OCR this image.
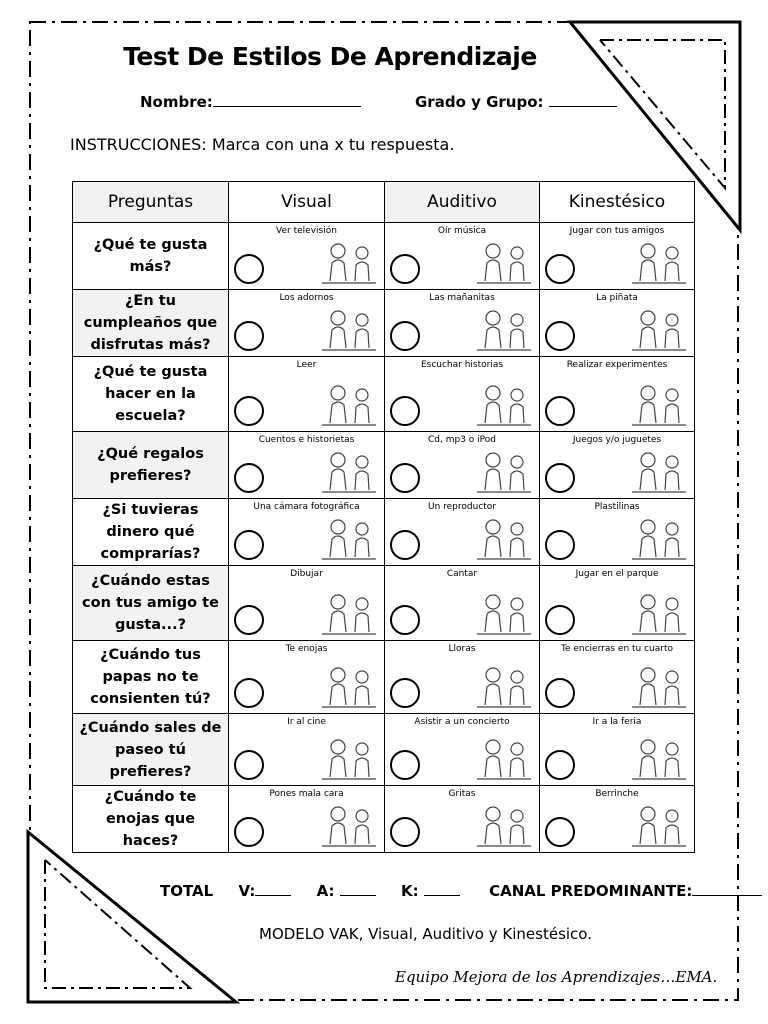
Test De Estilos De Aprendizaje
Nombre:	Grado y Grupo:
INSTRUCCIONES: Marca con una x tu respuesta.
Preguntas	Visual	Auditivo	Kinestésico
¿Qué te gusta más?	Ver televisión	Oír música	Jugar con tus amigos

¿En tu cumpleaños que disfrutas más?	Los adornos	Las mañanitas	La piñata

¿Qué te gusta hacer en la escuela?	Leer	Escuchar historias	Realizar experimentes

¿Qué regalos prefieres?	Cuentos e historietas	Cd, mp3 o iPod	Juegos y/o juguetes

¿Si tuvieras dinero qué comprarías?	Una cámara fotográfica	Un reproductor	Plastilinas

¿Cuándo estas con tus amigo te gusta...?	Dibujar	Cantar	Jugar en el parque

¿Cuándo tus papas no te consienten tú?	Te enojas	Lloras	Te encierras en tu cuarto

¿Cuándo sales de paseo tú prefieres?	Ir al cine	Asistir a un concierto	Ir a la feria

¿Cuándo te enojas que haces?	Pones mala cara	Gritas	Berrinche
TOTAL V:	A:	K:	CANAL PREDOMINANTE:
MODELO VAK, Visual, Auditivo y Kinestésico.
Equipo Mejora de los Aprendizajes…EMA.
